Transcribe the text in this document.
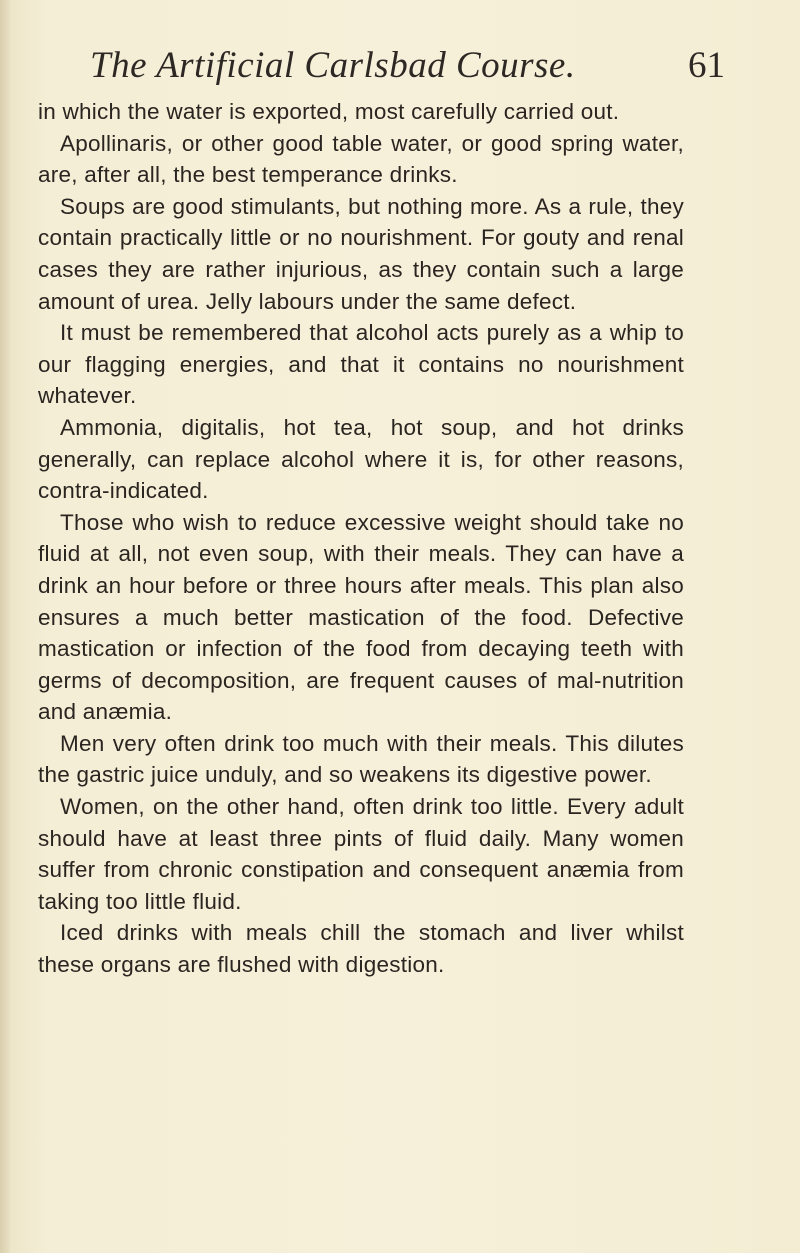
The Artificial Carlsbad Course.	61

in which the water is exported, most carefully carried out.

Apollinaris, or other good table water, or good spring water, are, after all, the best temperance drinks.

Soups are good stimulants, but nothing more. As a rule, they contain practically little or no nourishment. For gouty and renal cases they are rather injurious, as they contain such a large amount of urea. Jelly labours under the same defect.

It must be remembered that alcohol acts purely as a whip to our flagging energies, and that it contains no nourishment whatever.

Ammonia, digitalis, hot tea, hot soup, and hot drinks generally, can replace alcohol where it is, for other reasons, contra-indicated.

Those who wish to reduce excessive weight should take no fluid at all, not even soup, with their meals. They can have a drink an hour before or three hours after meals. This plan also ensures a much better mastication of the food. Defective mastication or infection of the food from decaying teeth with germs of decomposition, are frequent causes of mal-nutrition and anæmia.

Men very often drink too much with their meals. This dilutes the gastric juice unduly, and so weakens its digestive power.

Women, on the other hand, often drink too little. Every adult should have at least three pints of fluid daily. Many women suffer from chronic constipation and consequent anæmia from taking too little fluid.

Iced drinks with meals chill the stomach and liver whilst these organs are flushed with digestion.
